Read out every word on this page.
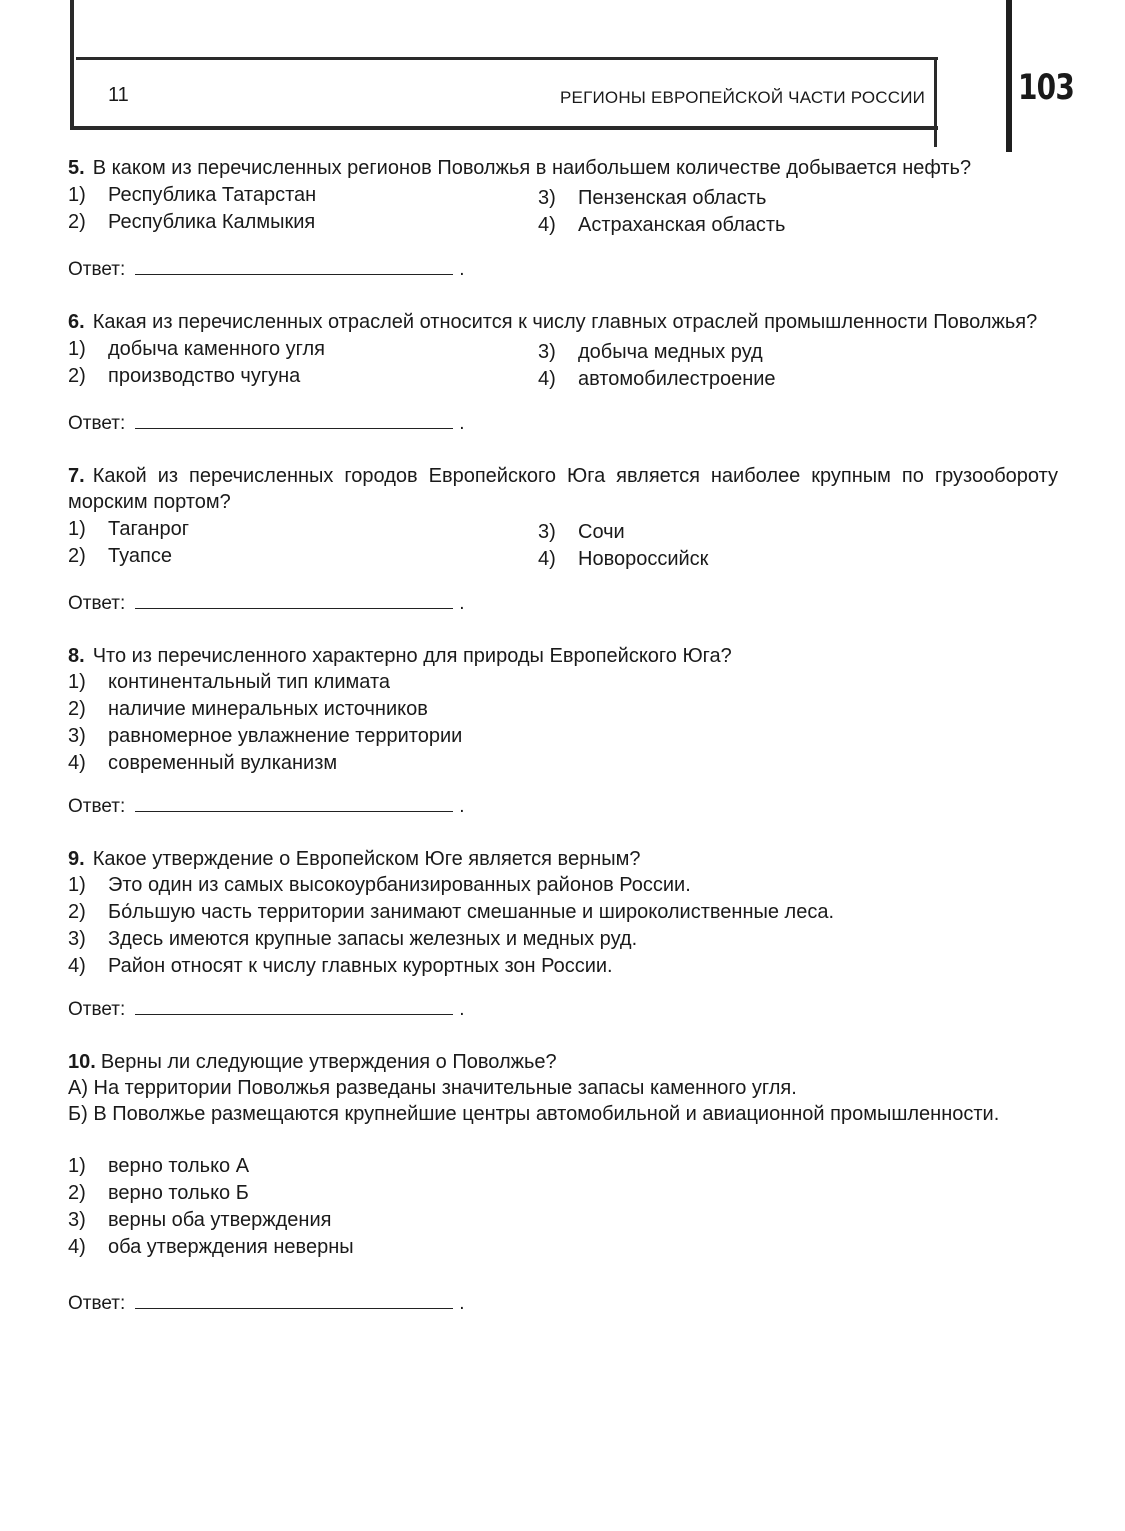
11	РЕГИОНЫ ЕВРОПЕЙСКОЙ ЧАСТИ РОССИИ	103
5. В каком из перечисленных регионов Поволжья в наибольшем количестве добывается нефть?
1) Республика Татарстан
2) Республика Калмыкия
3) Пензенская область
4) Астраханская область
Ответ:	.
6. Какая из перечисленных отраслей относится к числу главных отраслей промышленности Поволжья?
1) добыча каменного угля
2) производство чугуна
3) добыча медных руд
4) автомобилестроение
Ответ:	.
7. Какой из перечисленных городов Европейского Юга является наиболее крупным по грузообороту морским портом?
1) Таганрог
2) Туапсе
3) Сочи
4) Новороссийск
Ответ:	.
8. Что из перечисленного характерно для природы Европейского Юга?
1) континентальный тип климата
2) наличие минеральных источников
3) равномерное увлажнение территории
4) современный вулканизм
Ответ:	.
9. Какое утверждение о Европейском Юге является верным?
1) Это один из самых высокоурбанизированных районов России.
2) Бо́льшую часть территории занимают смешанные и широколиственные леса.
3) Здесь имеются крупные запасы железных и медных руд.
4) Район относят к числу главных курортных зон России.
Ответ:	.
10. Верны ли следующие утверждения о Поволжье?
А) На территории Поволжья разведаны значительные запасы каменного угля.
Б) В Поволжье размещаются крупнейшие центры автомобильной и авиационной промышленности.
1) верно только А
2) верно только Б
3) верны оба утверждения
4) оба утверждения неверны
Ответ:	.
